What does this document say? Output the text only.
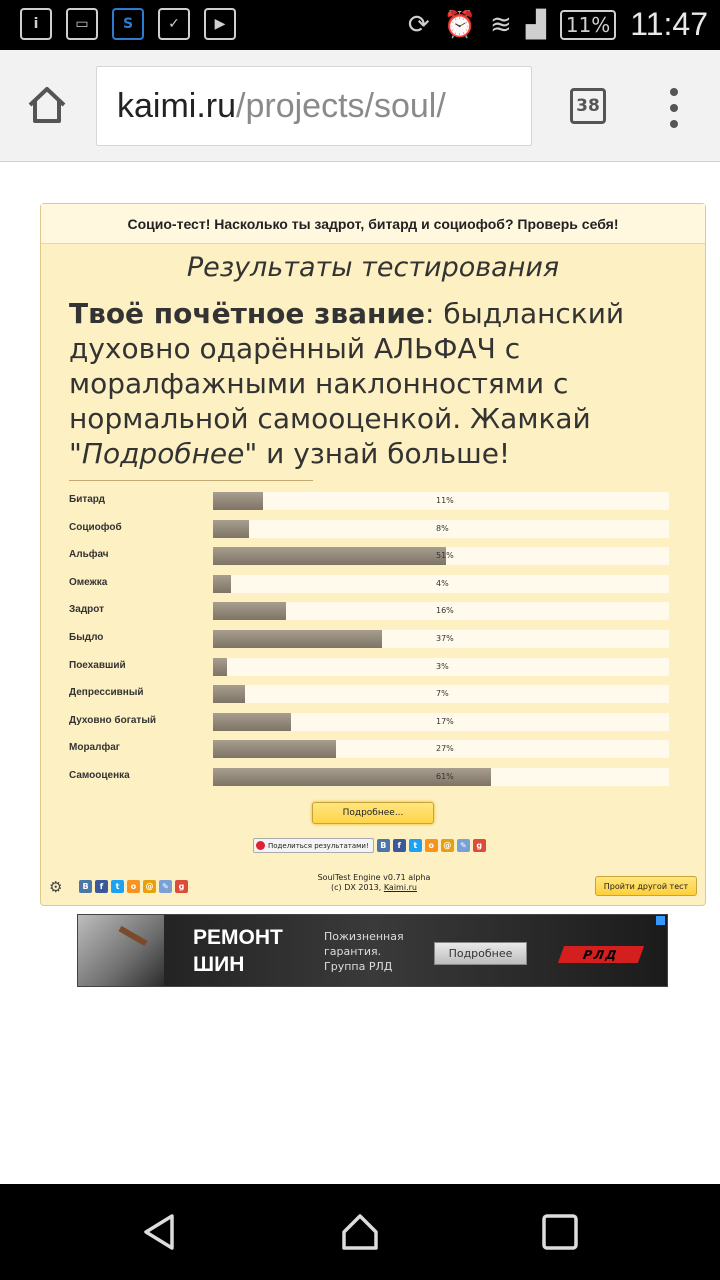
i	▭	S	✓	▶	⟳ ⏰ ≋ ▟	11% 11:47
kaimi.ru /projects/soul/	38
Социо-тест! Насколько ты задрот, битард и социофоб? Проверь себя!
Результаты тестирования
Твоё почётное звание: быдланский духовно одарённый АЛЬФАЧ с моралфажными наклонностями с нормальной самооценкой. Жамкай "Подробнее" и узнай больше!
Битард	11%
Социофоб	8%
Альфач	51%
Омежка	4%
Задрот	16%
Быдло	37%
Поехавший	3%
Депрессивный	7%
Духовно богатый	17%
Моралфаг	27%
Самооценка	61%
Подробнее...
Поделиться результатами!	В	f	t	о	@	✎	g
⚙	В	f	t	о	@	✎	g
SoulTest Engine v0.71 alpha
(c) DX 2013, Kaimi.ru	Пройти другой тест
РЕМОНТ
ШИН
Пожизненная
гарантия.
Группа РЛД
Подробнее	РЛД
